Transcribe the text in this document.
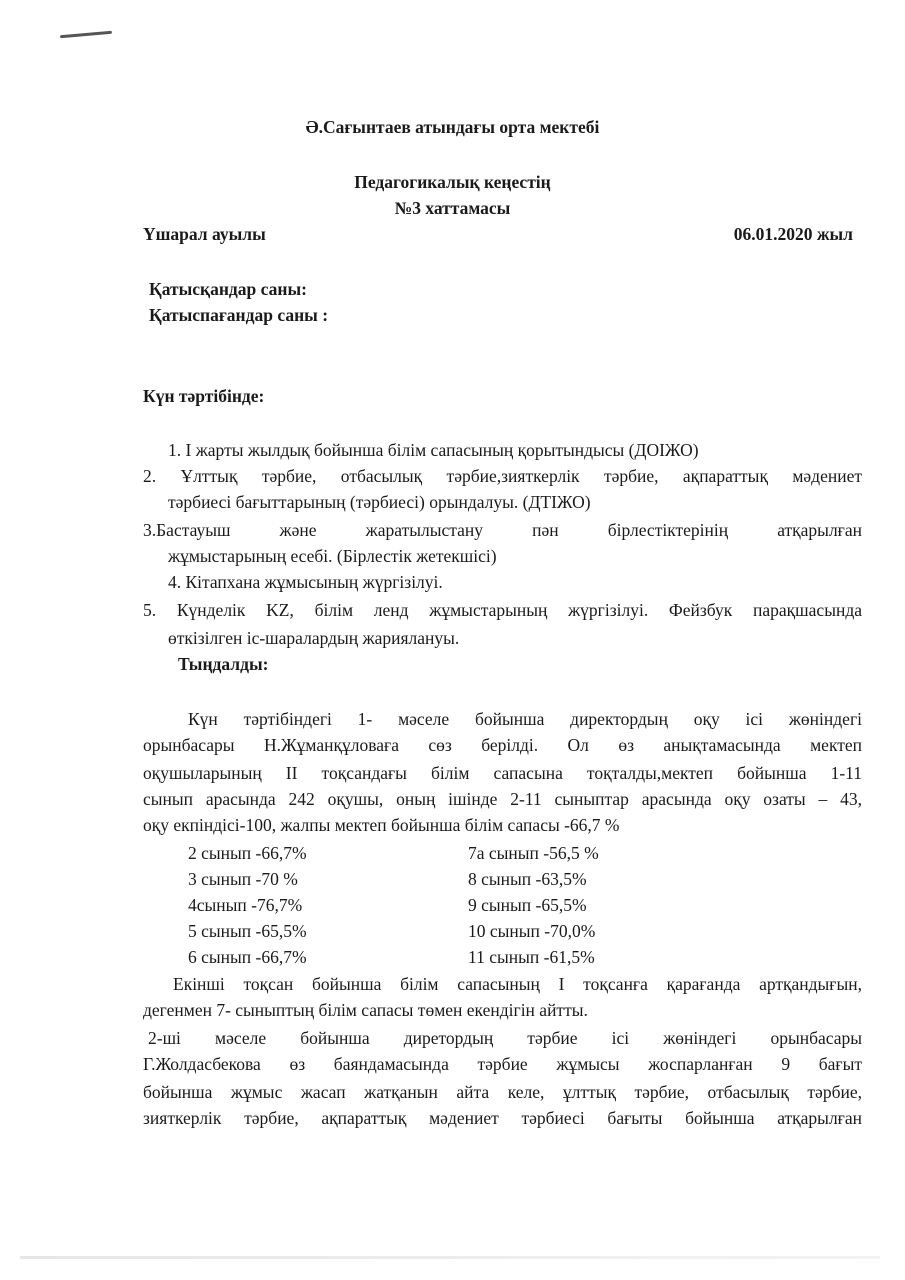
Ә.Сағынтаев атындағы орта мектебі
Педагогикалық кеңестің
№3 хаттамасы
Үшарал ауылы	06.01.2020 жыл
Қатысқандар саны:
Қатыспағандар саны :
Күн тәртібінде:
1. І жарты жылдық бойынша білім сапасының қорытындысы (ДОІЖО)
2. Ұлттық тәрбие, отбасылық тәрбие,зияткерлік тәрбие, ақпараттық мәдениет
тәрбиесі бағыттарының (тәрбиесі) орындалуы. (ДТІЖО)
3.Бастауыш және жаратылыстану пән бірлестіктерінің атқарылған
жұмыстарының есебі. (Бірлестік жетекшісі)
4. Кітапхана жұмысының жүргізілуі.
5. Күнделік KZ, білім ленд жұмыстарының жүргізілуі. Фейзбук парақшасында
өткізілген іс-шаралардың жариялануы.
Тыңдалды:
Күн тәртібіндегі 1- мәселе бойынша директордың оқу ісі жөніндегі
орынбасары Н.Жұманқұловаға сөз берілді. Ол өз анықтамасында мектеп
оқушыларының ІІ тоқсандағы білім сапасына тоқталды,мектеп бойынша 1-11
сынып арасында 242 оқушы, оның ішінде 2-11 сыныптар арасында оқу озаты – 43,
оқу екпіндісі-100, жалпы мектеп бойынша білім сапасы -66,7 %
2 сынып -66,7%	7а сынып -56,5 %
3 сынып -70 %	8 сынып -63,5%
4сынып -76,7%	9 сынып -65,5%
5 сынып -65,5%	10 сынып -70,0%
6 сынып -66,7%	11 сынып -61,5%
Екінші тоқсан бойынша білім сапасының І тоқсанға қарағанда артқандығын,
дегенмен 7- сыныптың білім сапасы төмен екендігін айтты.
2-ші мәселе бойынша диретордың тәрбие ісі жөніндегі орынбасары
Г.Жолдасбекова өз баяндамасында тәрбие жұмысы жоспарланған 9 бағыт
бойынша жұмыс жасап жатқанын айта келе, ұлттық тәрбие, отбасылық тәрбие,
зияткерлік тәрбие, ақпараттық мәдениет тәрбиесі бағыты бойынша атқарылған
